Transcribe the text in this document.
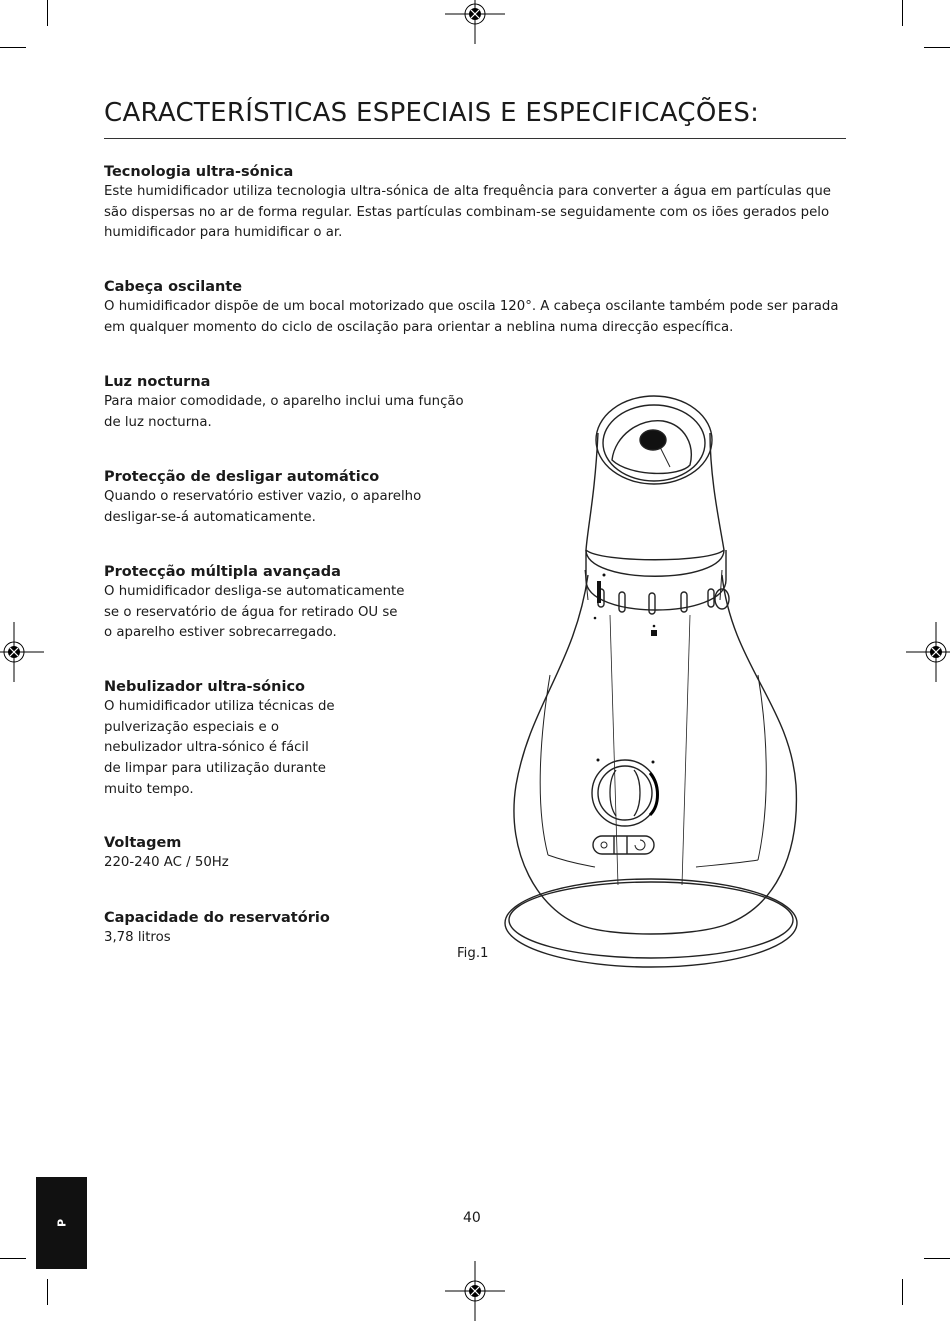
CARACTERÍSTICAS ESPECIAIS E ESPECIFICAÇÕES:
Tecnologia ultra-sónica

Este humidificador utiliza tecnologia ultra-sónica de alta frequência para converter a água em partículas que
são dispersas no ar de forma regular. Estas partículas combinam-se seguidamente com os iões gerados pelo
humidificador para humidificar o ar.

Cabeça oscilante

O humidificador dispõe de um bocal motorizado que oscila 120°. A cabeça oscilante também pode ser parada
em qualquer momento do ciclo de oscilação para orientar a neblina numa direcção específica.

Luz nocturna

Para maior comodidade, o aparelho inclui uma função
de luz nocturna.

Protecção de desligar automático

Quando o reservatório estiver vazio, o aparelho
desligar-se-á automaticamente.

Protecção múltipla avançada

O humidificador desliga-se automaticamente
se o reservatório de água for retirado OU se
o aparelho estiver sobrecarregado.

Nebulizador ultra-sónico

O humidificador utiliza técnicas de
pulverização especiais e o
nebulizador ultra-sónico é fácil
de limpar para utilização durante
muito tempo.

Voltagem

220-240 AC / 50Hz

Capacidade do reservatório

3,78 litros

Fig.1
P	40
